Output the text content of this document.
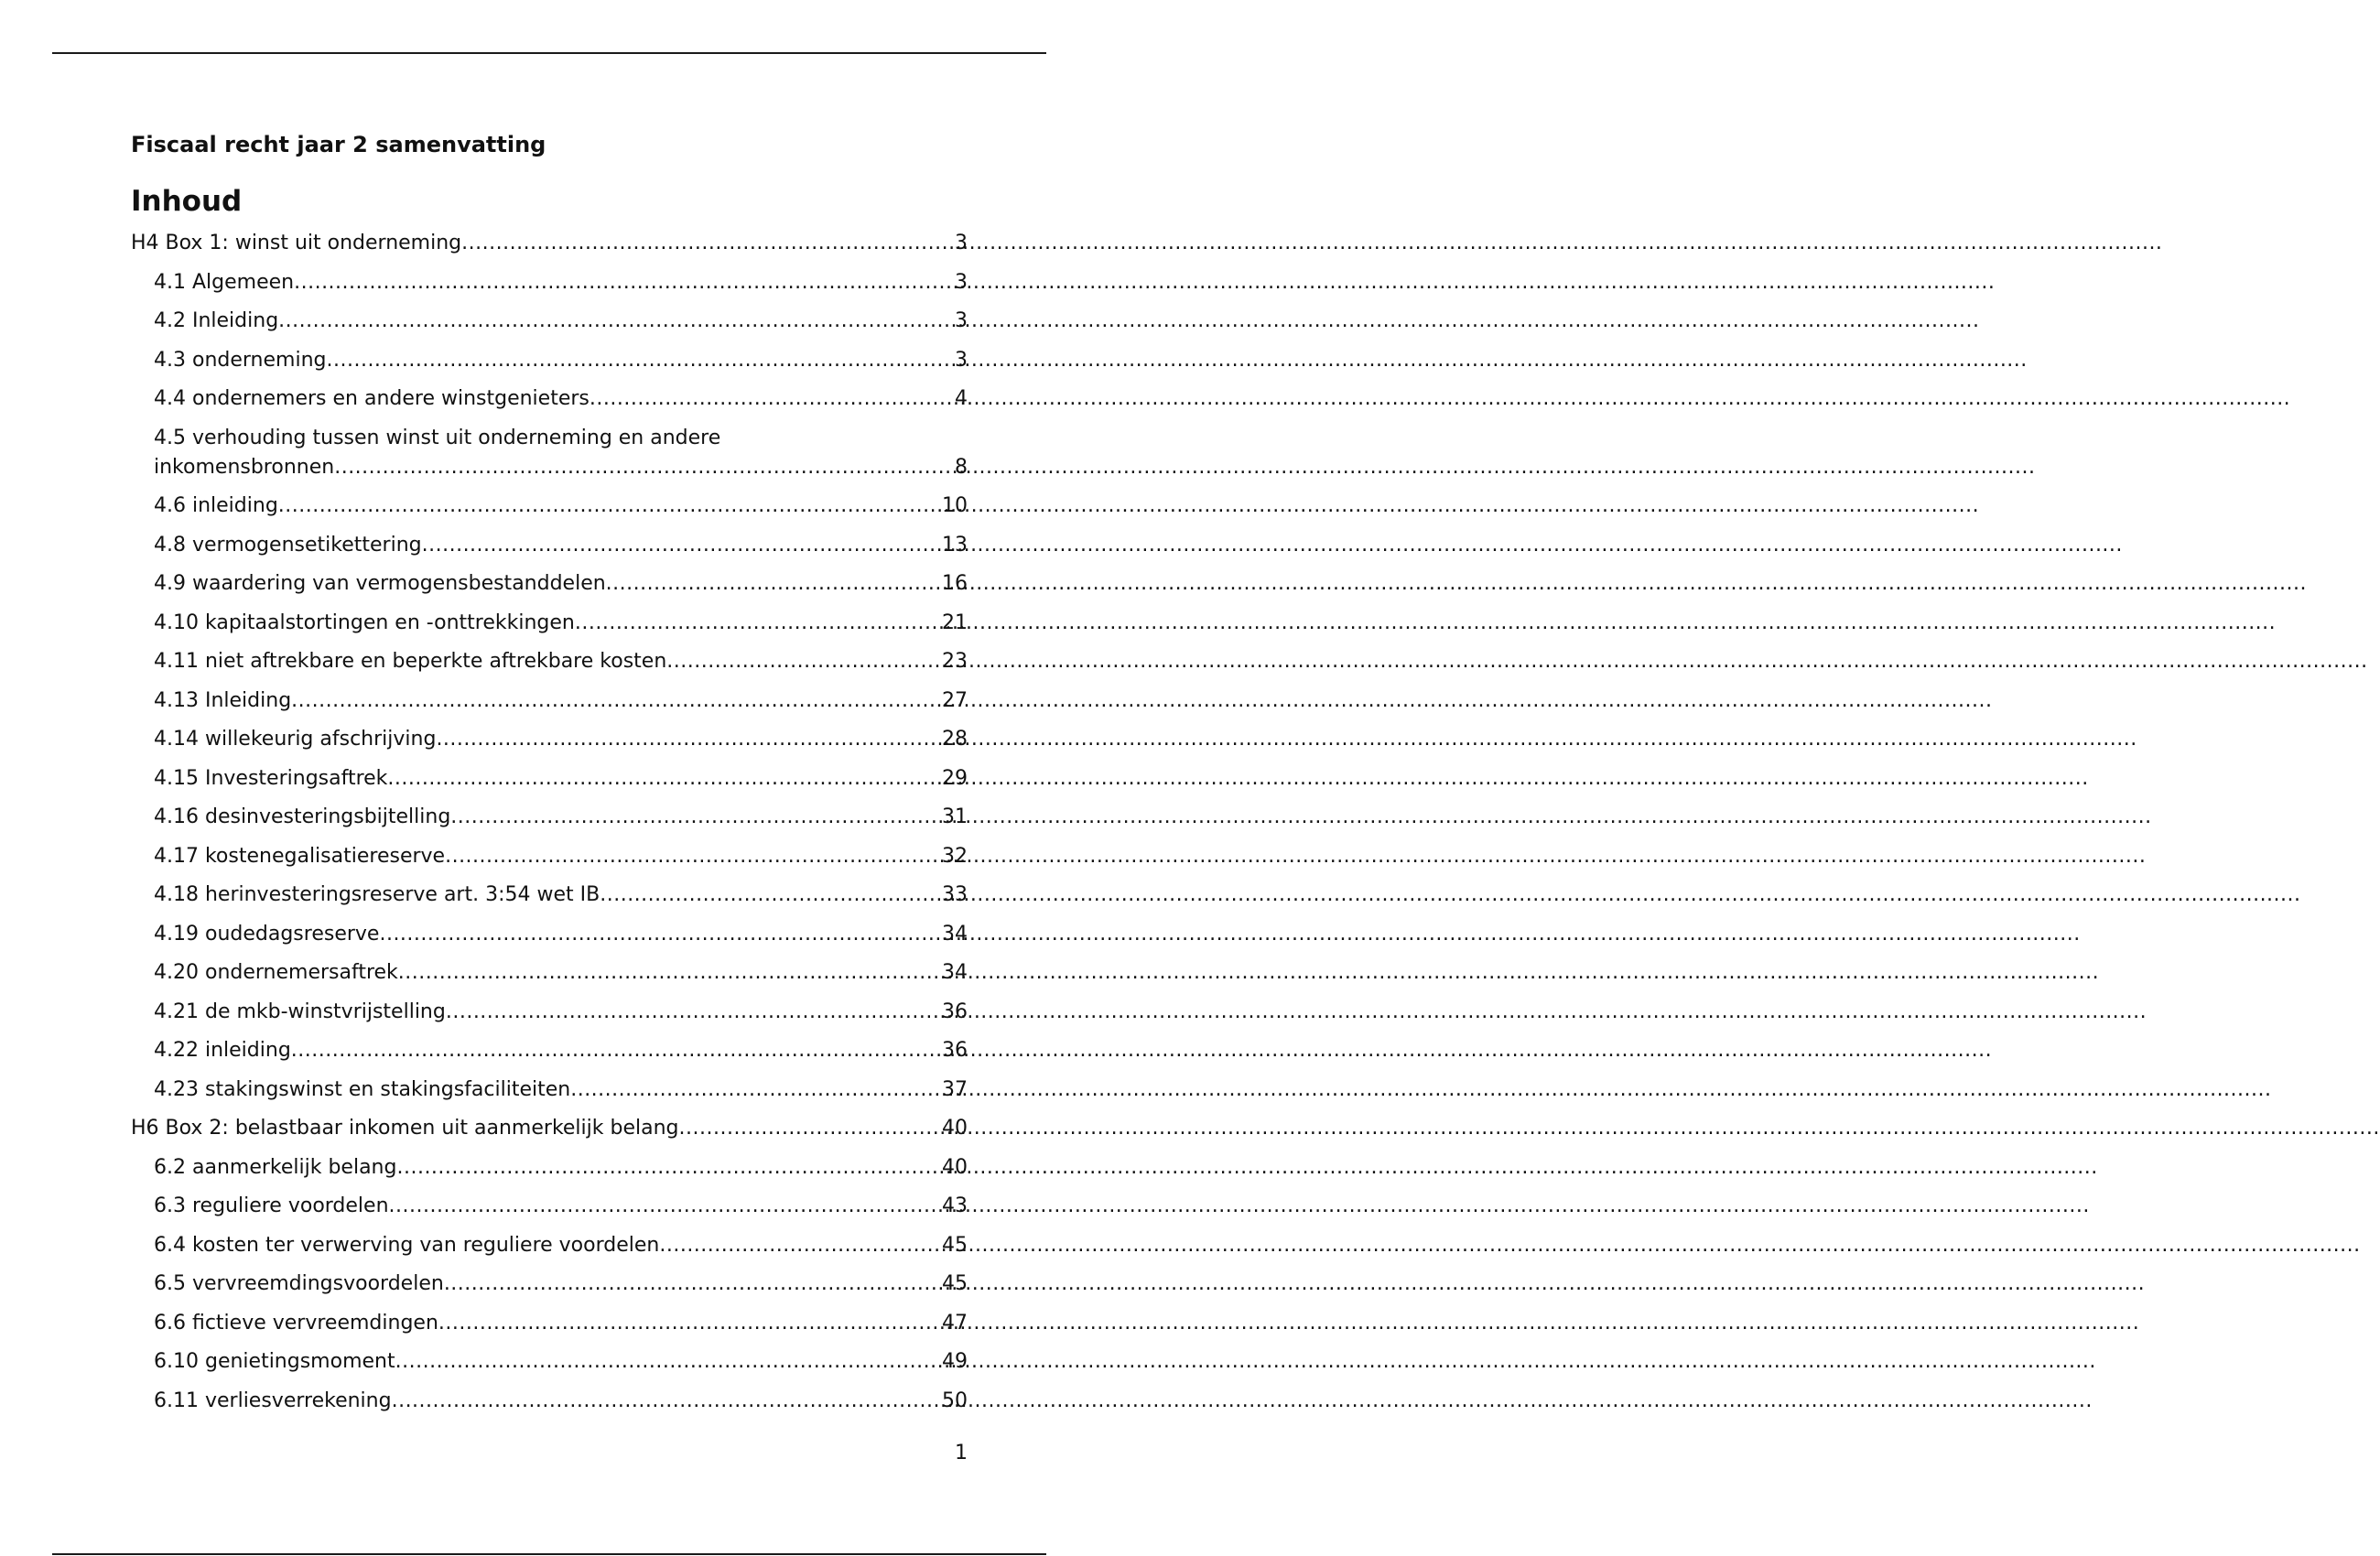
Fiscaal recht jaar 2 samenvatting
Inhoud
H4 Box 1: winst uit onderneming .....	3
4.1 Algemeen .....	3
4.2 Inleiding .....	3
4.3 onderneming .....	3
4.4 ondernemers en andere winstgenieters .....	4
4.5 verhouding tussen winst uit onderneming en andere
inkomensbronnen .....	8
4.6 inleiding .....	10
4.8 vermogensetikettering .....	13
4.9 waardering van vermogensbestanddelen .....	16
4.10 kapitaalstortingen en -onttrekkingen .....	21
4.11 niet aftrekbare en beperkte aftrekbare kosten .....	23
4.13 Inleiding .....	27
4.14 willekeurig afschrijving .....	28
4.15 Investeringsaftrek .....	29
4.16 desinvesteringsbijtelling .....	31
4.17 kostenegalisatiereserve .....	32
4.18 herinvesteringsreserve art. 3:54 wet IB .....	33
4.19 oudedagsreserve .....	34
4.20 ondernemersaftrek .....	34
4.21 de mkb-winstvrijstelling .....	36
4.22 inleiding .....	36
4.23 stakingswinst en stakingsfaciliteiten .....	37
H6 Box 2: belastbaar inkomen uit aanmerkelijk belang .....	40
6.2 aanmerkelijk belang .....	40
6.3 reguliere voordelen .....	43
6.4 kosten ter verwerving van reguliere voordelen .....	45
6.5 vervreemdingsvoordelen .....	45
6.6 fictieve vervreemdingen .....	47
6.10 genietingsmoment .....	49
6.11 verliesverrekening .....	50
1
